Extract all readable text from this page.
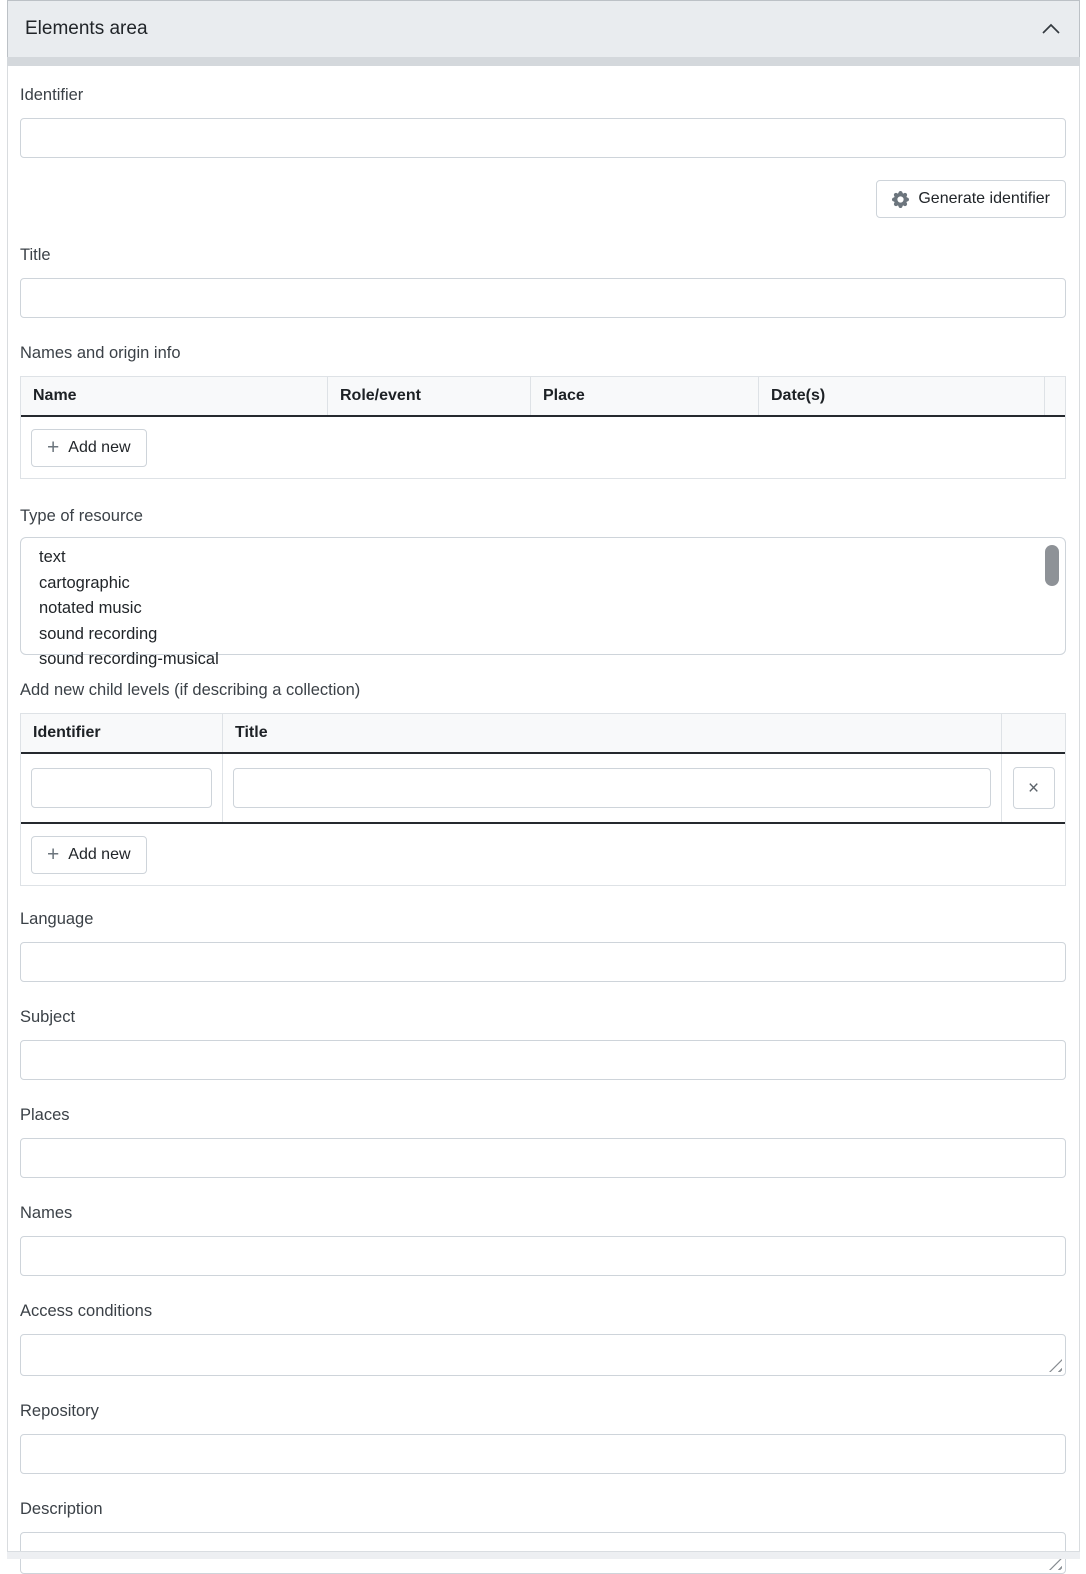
Elements area
Identifier
Generate identifier
Title
Names and origin info
Name	Role/event	Place	Date(s)
+ Add new
Type of resource
text
cartographic
notated music
sound recording
sound recording-musical
Add new child levels (if describing a collection)
Identifier	Title
×
+ Add new
Language
Subject
Places
Names
Access conditions
Repository
Description
